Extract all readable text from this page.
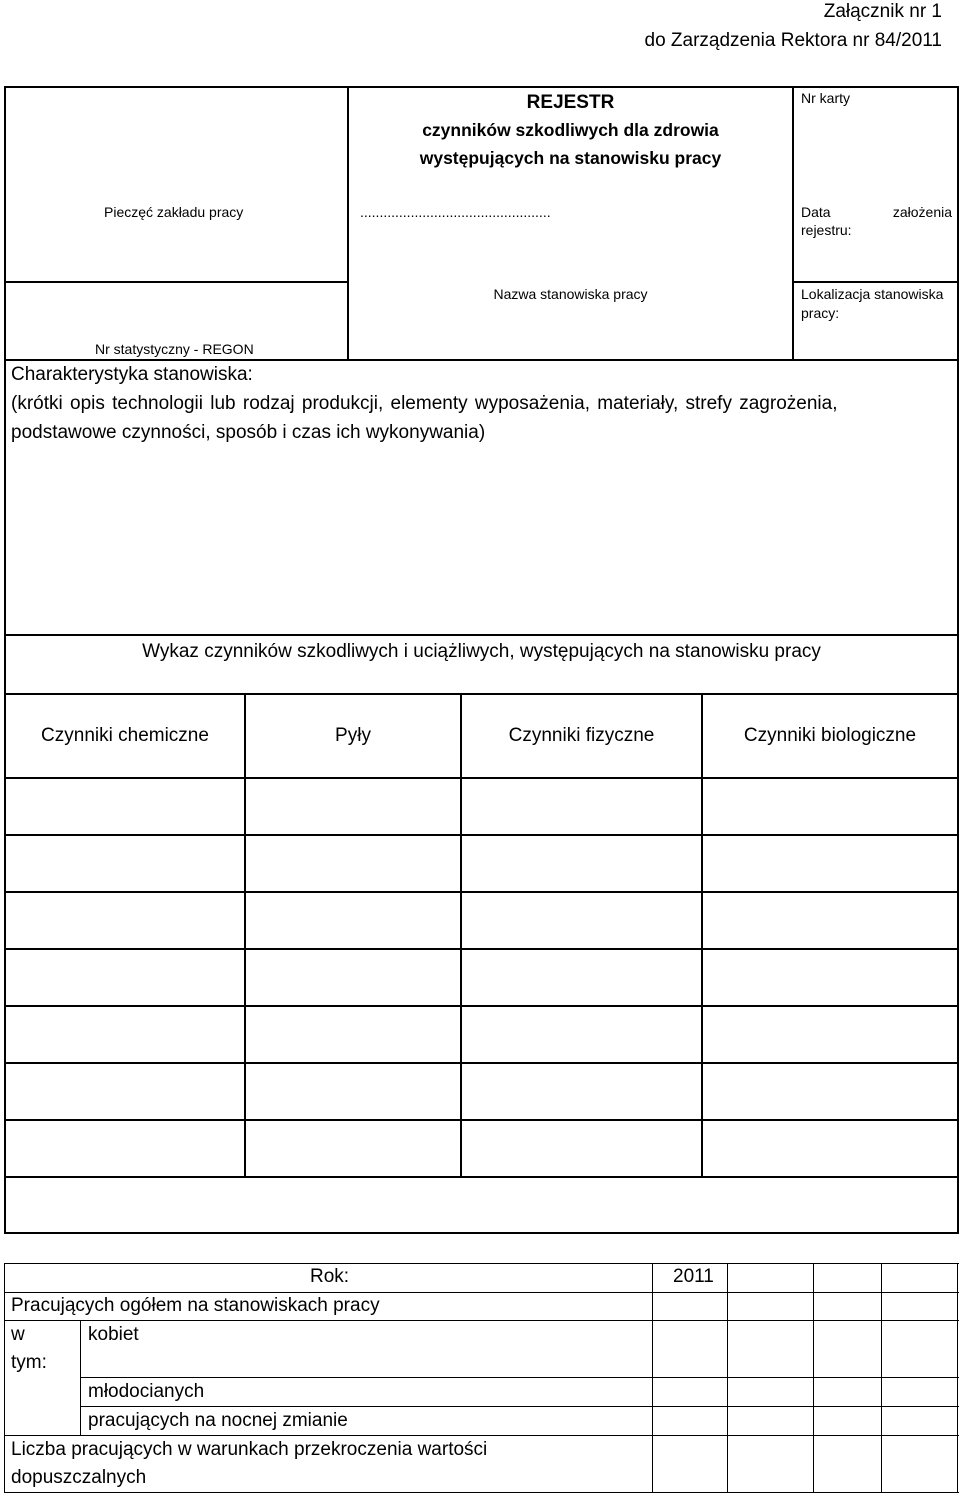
Załącznik nr 1
do Zarządzenia Rektora nr 84/2011
Pieczęć zakładu pracy
Nr statystyczny - REGON
REJESTR
czynników szkodliwych dla zdrowia
występujących na stanowisku pracy
.................................................
Nazwa stanowiska pracy
Nr karty
Data	założenia
rejestru:
Lokalizacja stanowiska
pracy:
Charakterystyka stanowiska:
(krótki opis technologii lub rodzaj produkcji, elementy wyposażenia, materiały, strefy zagrożenia,
podstawowe czynności, sposób i czas ich wykonywania)
Wykaz czynników szkodliwych i uciążliwych, występujących na stanowisku pracy
Czynniki chemiczne	Pyły	Czynniki fizyczne	Czynniki biologiczne
Rok:	2011
Pracujących ogółem na stanowiskach pracy
w
tym:
kobiet
młodocianych
pracujących na nocnej zmianie
Liczba pracujących w warunkach przekroczenia wartości
dopuszczalnych
